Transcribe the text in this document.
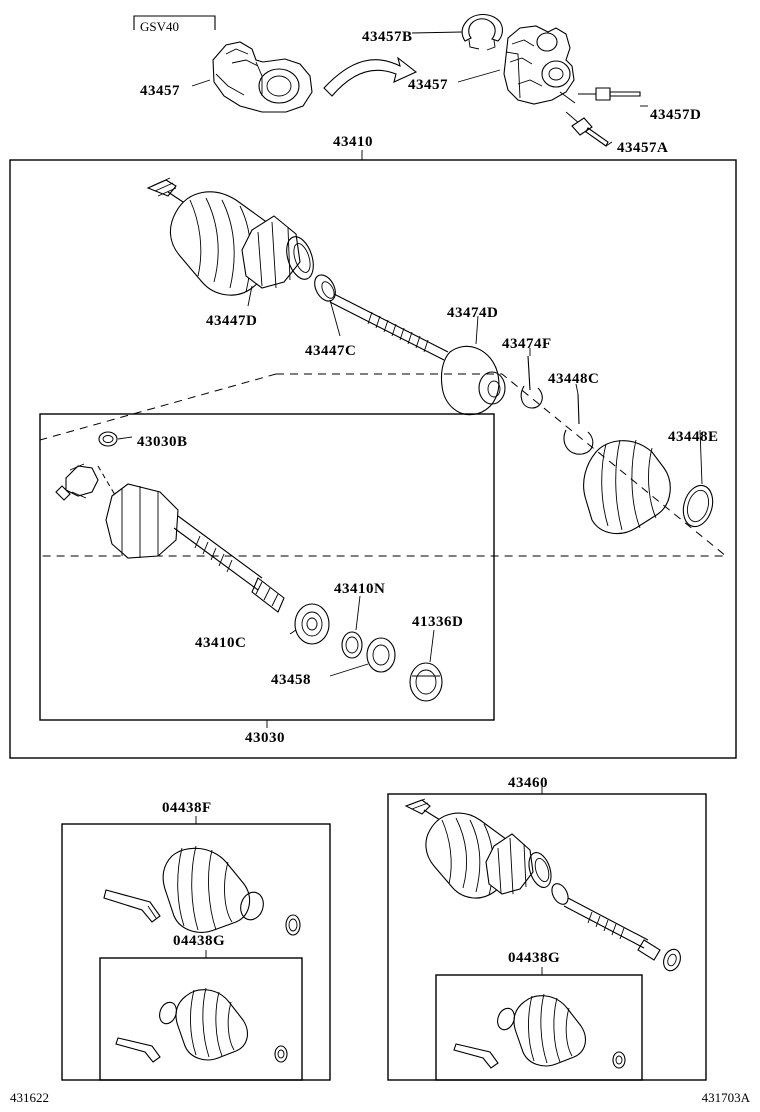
GSV40
43457B
43457	43457
43457D
43457A
43410
43447D
43447C
43474D
43474F
43448C
43448E
43030B
43410N
41336D
43410C
43458
43030
43460
04438F
04438G
04438G
431622	431703A
